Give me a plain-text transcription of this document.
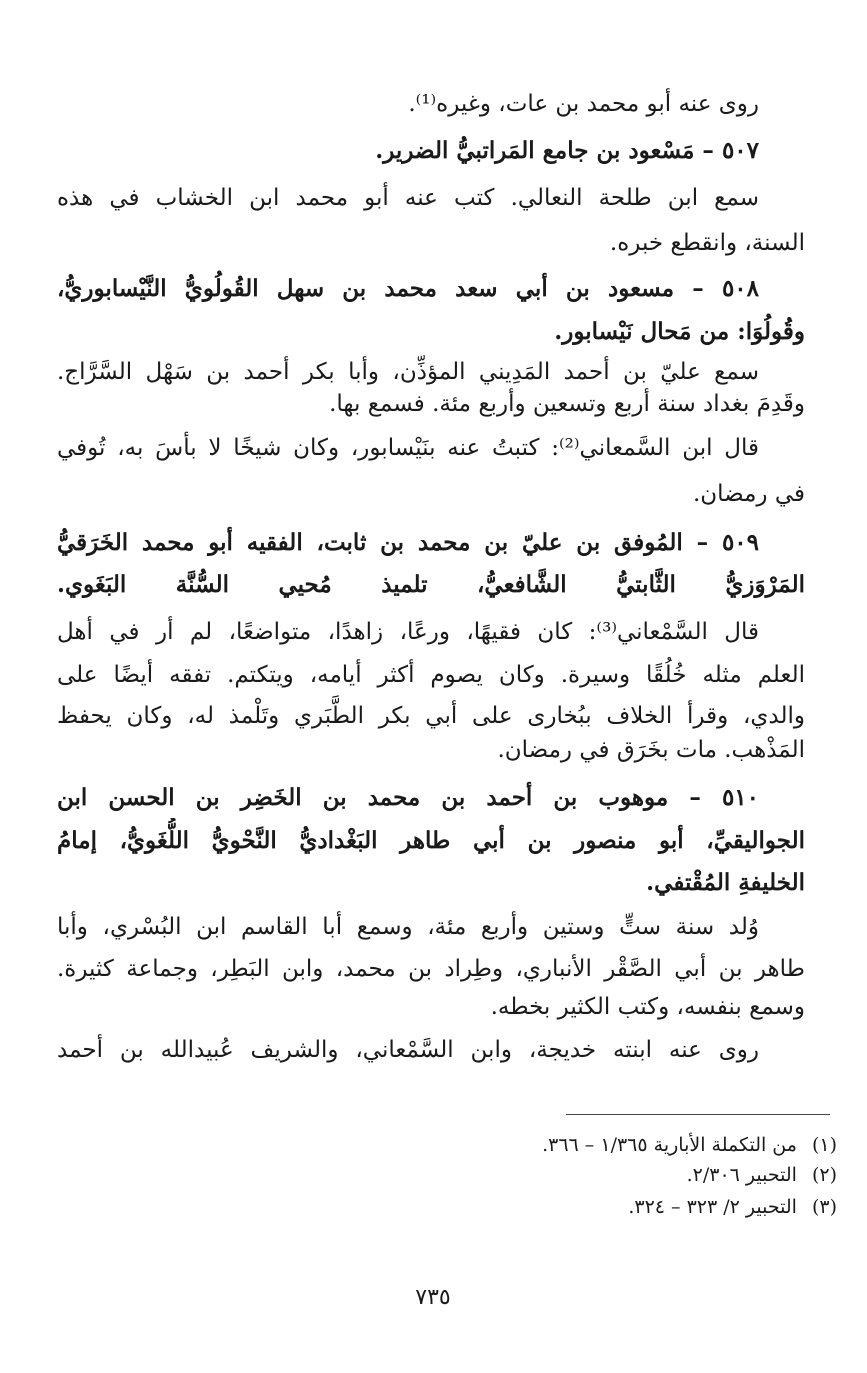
روى عنه أبو محمد بن عات، وغيره⁽¹⁾.
٥٠٧ – مَسْعود بن جامع المَراتبيُّ الضرير.
سمع ابن طلحة النعالي. كتب عنه أبو محمد ابن الخشاب في هذه
السنة، وانقطع خبره.
٥٠٨ – مسعود بن أبي سعد محمد بن سهل القُولُويُّ النَّيْسابوريُّ،
وقُولُوَا: من مَحال نَيْسابور.
سمع عليّ بن أحمد المَدِيني المؤذِّن، وأبا بكر أحمد بن سَهْل السَّرَّاج.
وقَدِمَ بغداد سنة أربع وتسعين وأربع مئة. فسمع بها.
قال ابن السَّمعاني⁽²⁾: كتبتُ عنه بنَيْسابور، وكان شيخًا لا بأسَ به، تُوفي
في رمضان.
٥٠٩ – المُوفق بن عليّ بن محمد بن ثابت، الفقيه أبو محمد الخَرَقيُّ
المَرْوَزيُّ الثَّابتيُّ الشَّافعيُّ، تلميذ مُحيي السُّنَّة البَغَوي.
قال السَّمْعاني⁽³⁾: كان فقيهًا، ورعًا، زاهدًا، متواضعًا، لم أر في أهل
العلم مثله خُلُقًا وسيرة. وكان يصوم أكثر أيامه، ويتكتم. تفقه أيضًا على
والدي، وقرأ الخلاف ببُخارى على أبي بكر الطَّبَري وتَلْمذ له، وكان يحفظ
المَذْهب. مات بخَرَق في رمضان.
٥١٠ – موهوب بن أحمد بن محمد بن الخَضِر بن الحسن ابن
الجواليقيِّ، أبو منصور بن أبي طاهر البَغْداديُّ النَّحْويُّ اللُّغَويُّ، إمامُ
الخليفةِ المُقْتفي.
وُلد سنة ستٍّ وستين وأربع مئة، وسمع أبا القاسم ابن البُسْري، وأبا
طاهر بن أبي الصَّقْر الأنباري، وطِراد بن محمد، وابن البَطِر، وجماعة كثيرة.
وسمع بنفسه، وكتب الكثير بخطه.
روى عنه ابنته خديجة، وابن السَّمْعاني، والشريف عُبيدالله بن أحمد
(١) من التكملة الأبارية ١/٣٦٥ – ٣٦٦.
(٢) التحبير ٢/٣٠٦.
(٣) التحبير ٢/ ٣٢٣ – ٣٢٤.
٧٣٥
